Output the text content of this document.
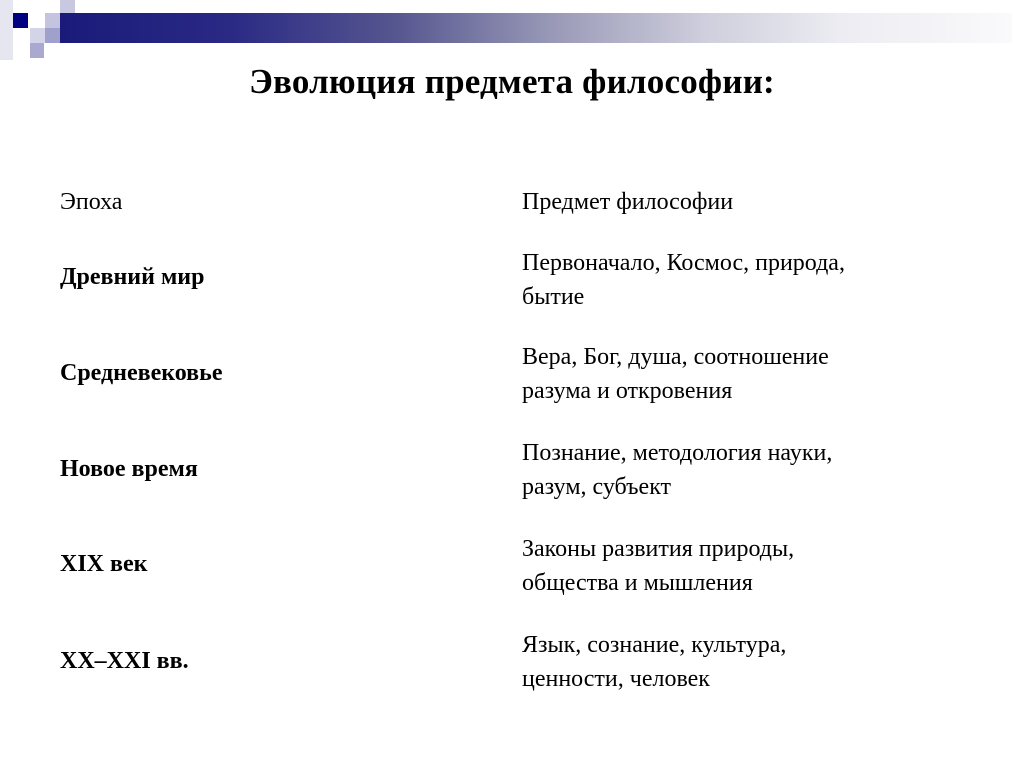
Эволюция предмета философии:
Эпоха	Предмет философии
Древний мир
Первоначало, Космос, природа,
бытие
Средневековье
Вера, Бог, душа, соотношение
разума и откровения
Новое время
Познание, методология науки,
разум, субъект
XIX век
Законы развития природы,
общества и мышления
XX–XXI вв.
Язык, сознание, культура,
ценности, человек
